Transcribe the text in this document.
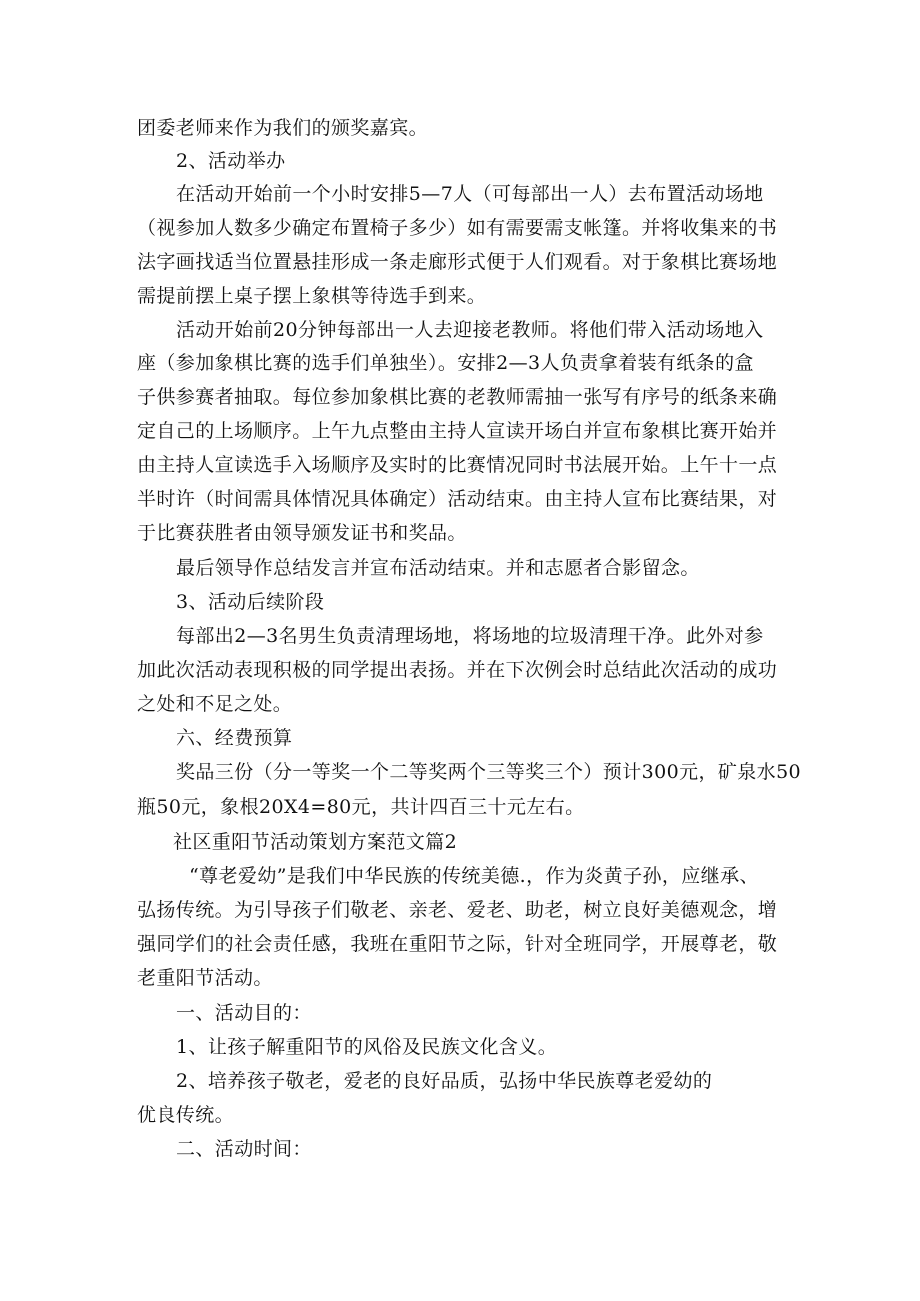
团委老师来作为我们的颁奖嘉宾。
2、活动举办
在活动开始前一个小时安排5—7人（可每部出一人）去布置活动场地
（视参加人数多少确定布置椅子多少）如有需要需支帐篷。并将收集来的书
法字画找适当位置悬挂形成一条走廊形式便于人们观看。对于象棋比赛场地
需提前摆上桌子摆上象棋等待选手到来。
活动开始前20分钟每部出一人去迎接老教师。将他们带入活动场地入
座（参加象棋比赛的选手们单独坐）。安排2—3人负责拿着装有纸条的盒
子供参赛者抽取。每位参加象棋比赛的老教师需抽一张写有序号的纸条来确
定自己的上场顺序。上午九点整由主持人宣读开场白并宣布象棋比赛开始并
由主持人宣读选手入场顺序及实时的比赛情况同时书法展开始。上午十一点
半时许（时间需具体情况具体确定）活动结束。由主持人宣布比赛结果，对
于比赛获胜者由领导颁发证书和奖品。
最后领导作总结发言并宣布活动结束。并和志愿者合影留念。
3、活动后续阶段
每部出2—3名男生负责清理场地，将场地的垃圾清理干净。此外对参
加此次活动表现积极的同学提出表扬。并在下次例会时总结此次活动的成功
之处和不足之处。
六、经费预算
奖品三份（分一等奖一个二等奖两个三等奖三个）预计300元，矿泉水50
瓶50元，象根20X4=80元，共计四百三十元左右。
社区重阳节活动策划方案范文篇2
“尊老爱幼”是我们中华民族的传统美德.，作为炎黄子孙，应继承、
弘扬传统。为引导孩子们敬老、亲老、爱老、助老，树立良好美德观念，增
强同学们的社会责任感，我班在重阳节之际，针对全班同学，开展尊老，敬
老重阳节活动。
一、活动目的：
1、让孩子解重阳节的风俗及民族文化含义。
2、培养孩子敬老，爱老的良好品质，弘扬中华民族尊老爱幼的
优良传统。
二、活动时间：
